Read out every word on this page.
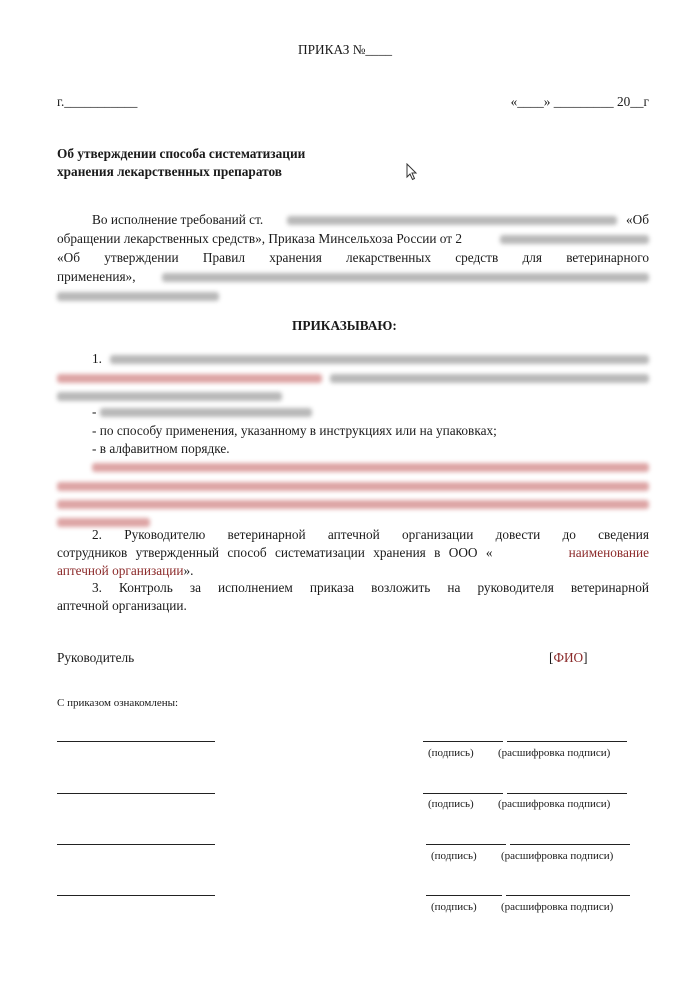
ПРИКАЗ №____
г.___________	«____» _________ 20__г
Об утверждении способа систематизации
хранения лекарственных препаратов
Во исполнение требований ст.	«Об
обращении лекарственных средств», Приказа Минсельхоза России от 2
«Об утверждении Правил хранения лекарственных средств для ветеринарного
применения»,
ПРИКАЗЫВАЮ:
1.
-
- по способу применения, указанному в инструкциях или на упаковках;
- в алфавитном порядке.
2. Руководителю ветеринарной аптечной организации довести до сведения
сотрудников утвержденный способ систематизации хранения в ООО «	наименование
аптечной организации».
3. Контроль за исполнением приказа возложить на руководителя ветеринарной
аптечной организации.
Руководитель	[ФИО]
С приказом ознакомлены:
(подпись) (расшифровка подписи)
(подпись) (расшифровка подписи)
(подпись) (расшифровка подписи)
(подпись) (расшифровка подписи)
